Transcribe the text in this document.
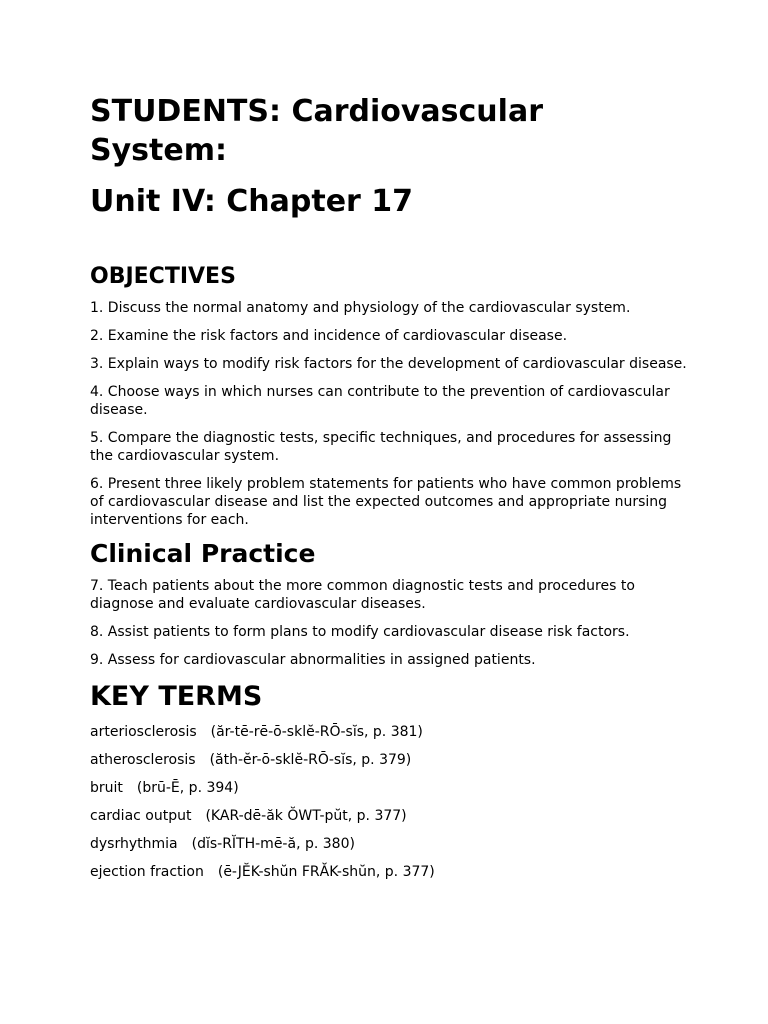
STUDENTS: Cardiovascular System:
Unit IV: Chapter 17
OBJECTIVES

1. Discuss the normal anatomy and physiology of the cardiovascular system.

2. Examine the risk factors and incidence of cardiovascular disease.

3. Explain ways to modify risk factors for the development of cardiovascular disease.

4. Choose ways in which nurses can contribute to the prevention of cardiovascular disease.

5. Compare the diagnostic tests, specific techniques, and procedures for assessing the cardiovascular system.

6. Present three likely problem statements for patients who have common problems of cardiovascular disease and list the expected outcomes and appropriate nursing interventions for each.

Clinical Practice

7. Teach patients about the more common diagnostic tests and procedures to diagnose and evaluate cardiovascular diseases.

8. Assist patients to form plans to modify cardiovascular disease risk factors.

9. Assess for cardiovascular abnormalities in assigned patients.

KEY TERMS

arteriosclerosis (ăr-tē-rē-ō-sklĕ-RŌ-sĭs, p. 381)

atherosclerosis (ăth-ĕr-ō-sklĕ-RŌ-sĭs, p. 379)

bruit (brū-Ē, p. 394)

cardiac output (KAR-dē-ăk ŎWT-pŭt, p. 377)

dysrhythmia (dĭs-RĬTH-mē-ă, p. 380)

ejection fraction (ē-JĔK-shŭn FRĂK-shŭn, p. 377)
